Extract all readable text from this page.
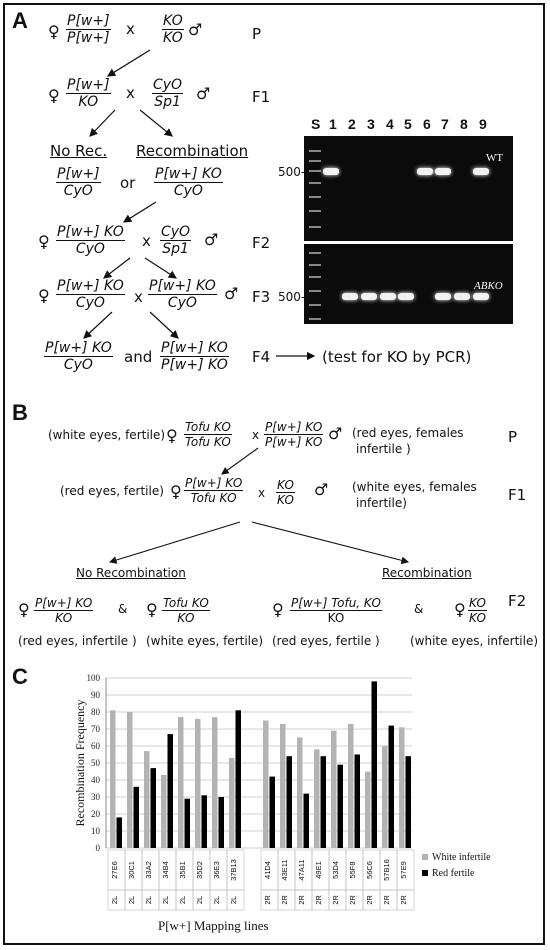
A ♀ $\frac{P[w+]}{P[w+]}$ x $\frac{KO}{KO}$ ♂	P
♀ $\frac{P[w+]}{KO}$ x CyO
Sp1 ♂	F1
No Rec. Recombination
P[w+]
CyO or P[w+] KO
CyO
♀ P[w+] KO
CyO x CyO
Sp1 ♂ F2
♀ P[w+] KO
CyO x
P[w+] KO
CyO ♂ F3
P[w+] KO
CyO and $\frac{P[w+] KO}{P[w+] KO} F4$	(test for KO by PCR)
S 1 2 3 4 5 6 7 8 9
500-
500-
WT
ABKO
B
(white eyes, fertile) ♀ Tofu KO
Tofu KO x $\frac{P[w+] KO}{P[w+] KO}$ ♂ (red eyes, females
infertile )
P
(red eyes, fertile) ♀ P[w+] KO
Tofu KO x $\frac{KO}{KO}$ ♂ (white eyes, females
infertile)	F1
No Recombination	Recombination
♀ $\frac{P[w+] KO}{KO}$ & ♀ Tofu KO
KO	♀ P[w+] Tofu, KO
KO
& ♀ $\frac{KO}{KO} F2$
(red eyes, infertile ) (white eyes, fertile) (red eyes, fertile )	(white eyes, infertile)
C
0
10
20
30
40
50
60
70
80
90
100
Recombination Frequency
27E6
2L
30C1
2L
33A2
2L
34B4
2L
35B1
2L
35D2
2L
36E3
2L
37B13
2L
41D4
2R
43E11
2R
47A11
2R
49E1
2R
53D4
2R
55F8
2R
56C6
2R
57B16
2R
57E9
2R
White infertile
Red fertile
P[w+] Mapping lines
